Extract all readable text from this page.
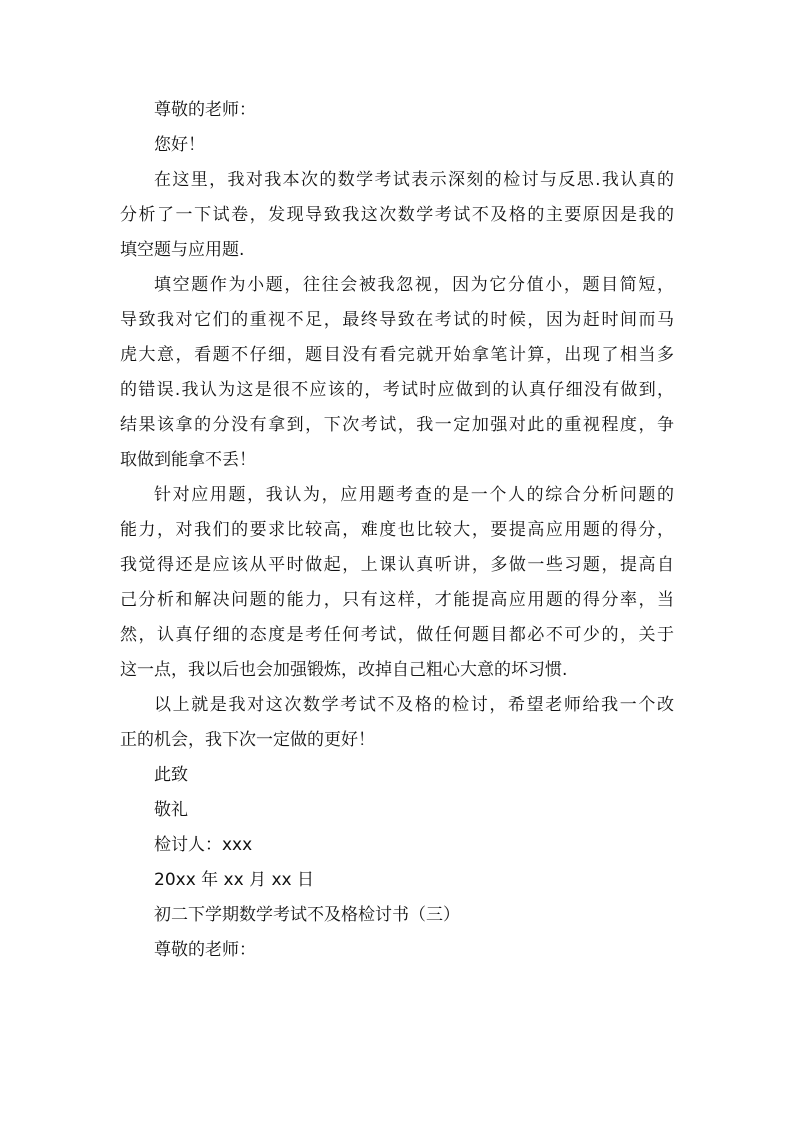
尊敬的老师：
您好！
在这里，我对我本次的数学考试表示深刻的检讨与反思.我认真的
分析了一下试卷，发现导致我这次数学考试不及格的主要原因是我的
填空题与应用题.
填空题作为小题，往往会被我忽视，因为它分值小，题目简短，
导致我对它们的重视不足，最终导致在考试的时候，因为赶时间而马
虎大意，看题不仔细，题目没有看完就开始拿笔计算，出现了相当多
的错误.我认为这是很不应该的，考试时应做到的认真仔细没有做到，
结果该拿的分没有拿到，下次考试，我一定加强对此的重视程度，争
取做到能拿不丢！
针对应用题，我认为，应用题考查的是一个人的综合分析问题的
能力，对我们的要求比较高，难度也比较大，要提高应用题的得分，
我觉得还是应该从平时做起，上课认真听讲，多做一些习题，提高自
己分析和解决问题的能力，只有这样，才能提高应用题的得分率，当
然，认真仔细的态度是考任何考试，做任何题目都必不可少的，关于
这一点，我以后也会加强锻炼，改掉自己粗心大意的坏习惯.
以上就是我对这次数学考试不及格的检讨，希望老师给我一个改
正的机会，我下次一定做的更好！
此致
敬礼
检讨人：xxx
20xx 年 xx 月 xx 日
初二下学期数学考试不及格检讨书（三）
尊敬的老师：
